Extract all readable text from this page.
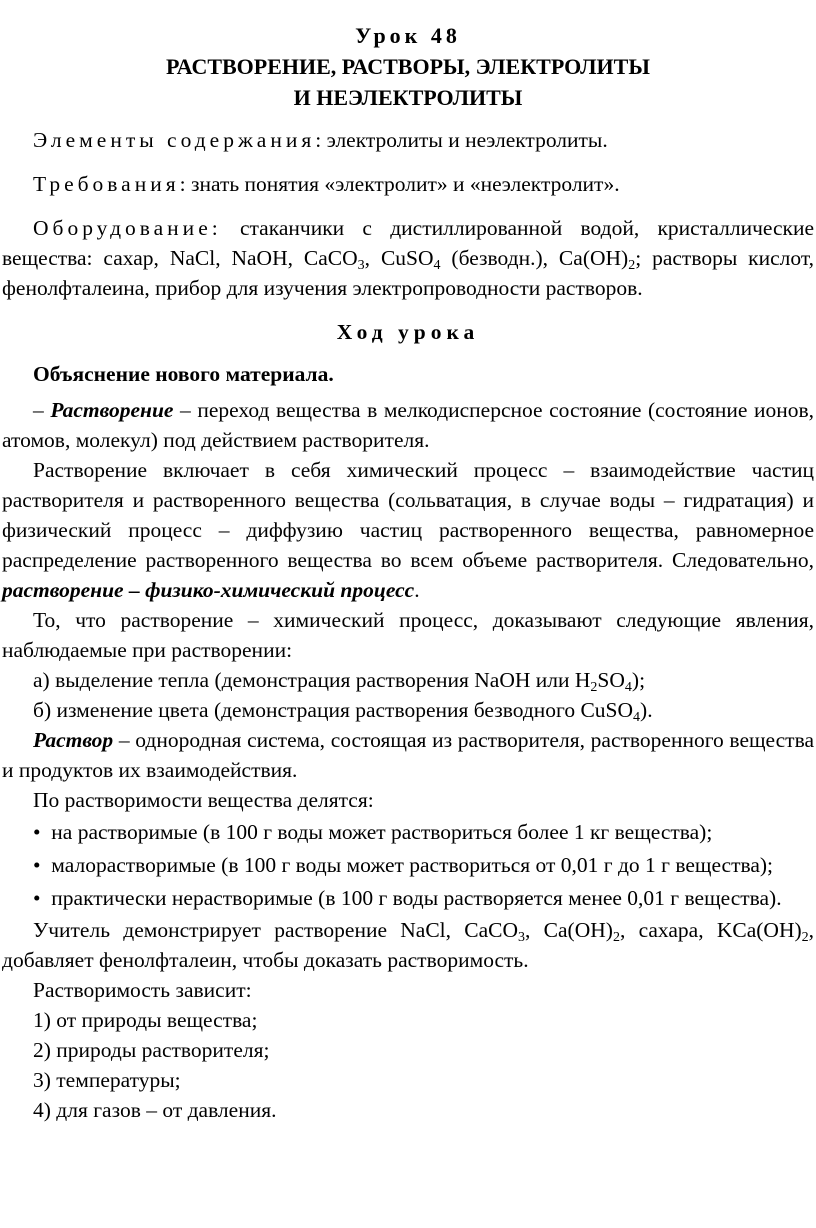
Урок 48

РАСТВОРЕНИЕ, РАСТВОРЫ, ЭЛЕКТРОЛИТЫ

И НЕЭЛЕКТРОЛИТЫ

Элементы содержания: электролиты и неэлектролиты.

Требования: знать понятия «электролит» и «неэлектролит».

Оборудование: стаканчики с дистиллированной водой, кристаллические вещества: сахар, NaCl, NaOH, CaCO$_3$, CuSO$_4$ (безводн.), $Ca(OH)_2$; растворы кислот, фенолфталеина, прибор для изучения электропроводности растворов.

Ход урока

Объяснение нового материала.

– Растворение – переход вещества в мелкодисперсное состояние (состояние ионов, атомов, молекул) под действием растворителя.

Растворение включает в себя химический процесс – взаимодействие частиц растворителя и растворенного вещества (сольватация, в случае воды – гидратация) и физический процесс – диффузию частиц растворенного вещества, равномерное распределение растворенного вещества во всем объеме растворителя. Следовательно, растворение – физико-химический процесс.

То, что растворение – химический процесс, доказывают следующие явления, наблюдаемые при растворении:

а) выделение тепла (демонстрация растворения NaOH или $H_2SO_4$);

б) изменение цвета (демонстрация растворения безводного CuSO$_4$).

Раствор – однородная система, состоящая из растворителя, растворенного вещества и продуктов их взаимодействия.

По растворимости вещества делятся:

• на растворимые (в 100 г воды может раствориться более 1 кг вещества);

• малорастворимые (в 100 г воды может раствориться от 0,01 г до 1 г вещества);

• практически нерастворимые (в 100 г воды растворяется менее 0,01 г вещества).

Учитель демонстрирует растворение NaCl, CaCO$_3$, $Ca(OH)_2$, сахара, $KCa(OH)_2$, добавляет фенолфталеин, чтобы доказать растворимость.

Растворимость зависит:

1) от природы вещества;

2) природы растворителя;

3) температуры;

4) для газов – от давления.
